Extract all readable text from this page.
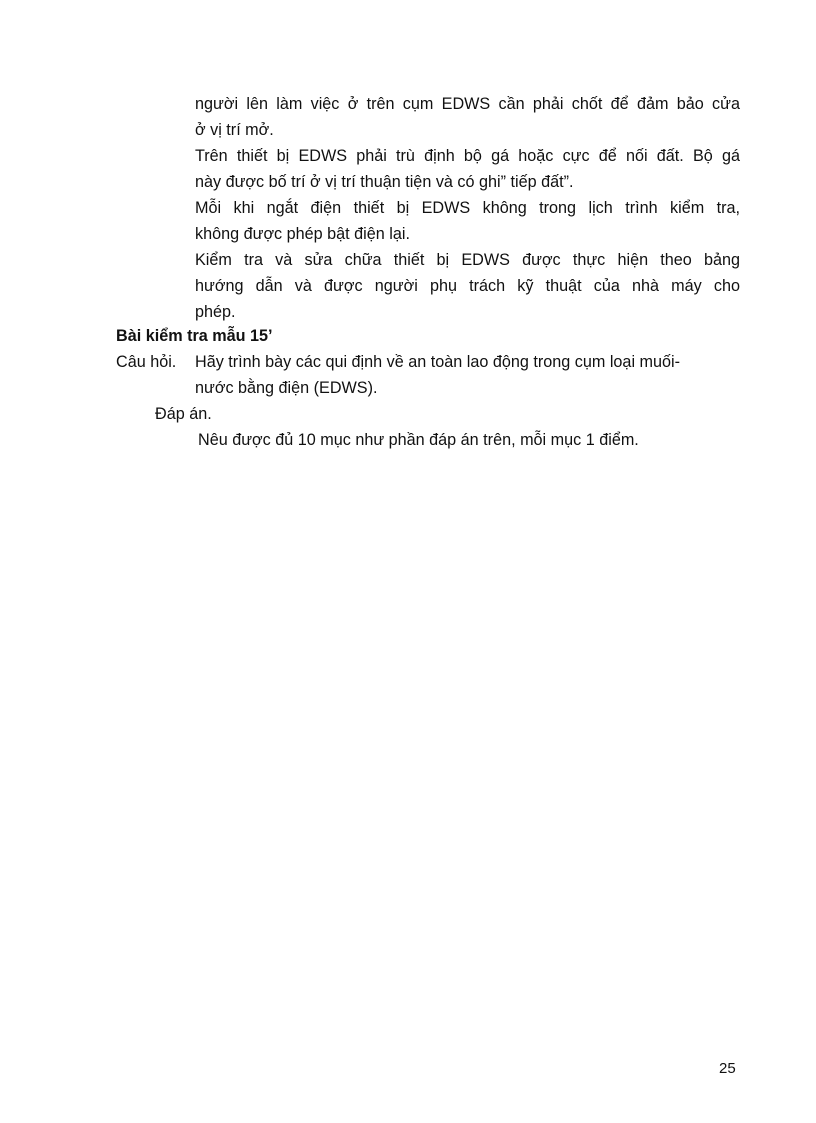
người lên làm việc ở trên cụm EDWS cần phải chốt để đảm bảo cửa
ở vị trí mở.
Trên thiết bị EDWS phải trù định bộ gá hoặc cực để nối đất. Bộ gá
này được bố trí ở vị trí thuận tiện và có ghi” tiếp đất”.
Mỗi khi ngắt điện thiết bị EDWS không trong lịch trình kiểm tra,
không được phép bật điện lại.
Kiểm tra và sửa chữa thiết bị EDWS được thực hiện theo bảng
hướng dẫn và được người phụ trách kỹ thuật của nhà máy cho
phép.
Bài kiểm tra mẫu 15’
Câu hỏi. Hãy trình bày các qui định về an toàn lao động trong cụm loại muối-
nước bằng điện (EDWS).
Đáp án.
Nêu được đủ 10 mục như phần đáp án trên, mỗi mục 1 điểm.
25
